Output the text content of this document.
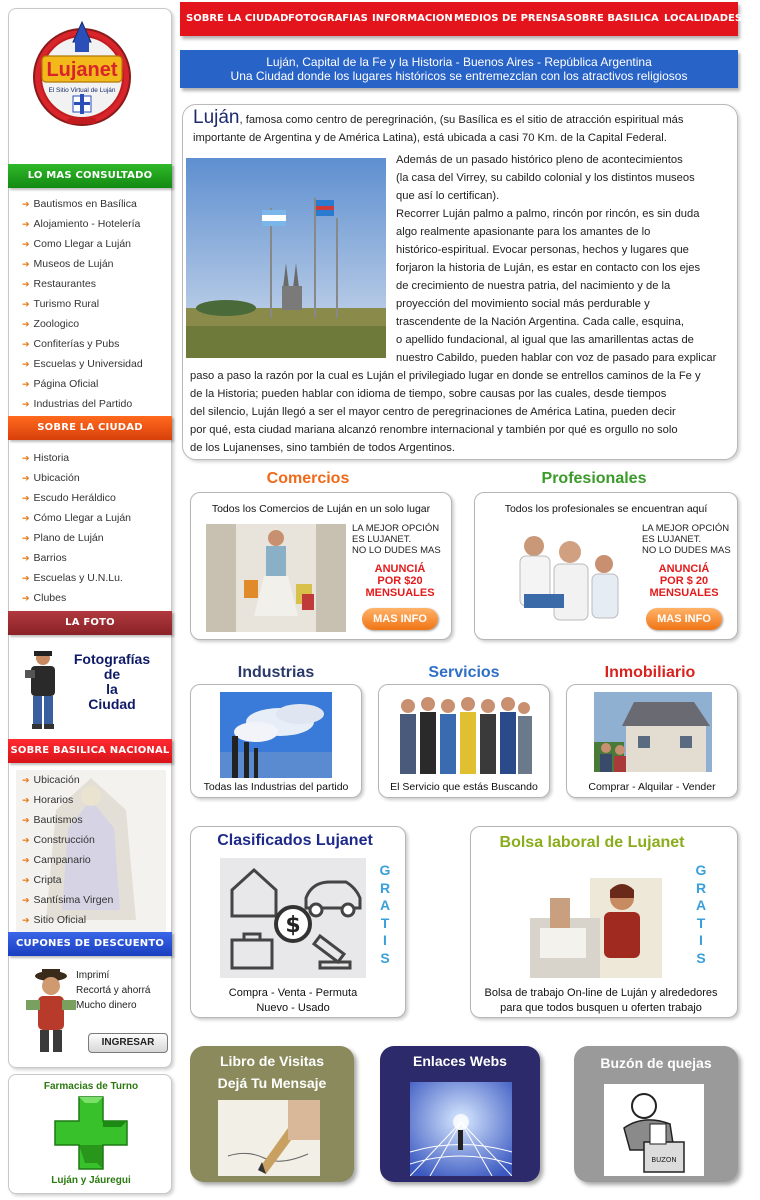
Lujanet
El Sitio Virtual de Luján
LO MAS CONSULTADO
➔ Bautismos en Basílica
➔ Alojamiento - Hotelería
➔ Como Llegar a Luján
➔ Museos de Luján
➔ Restaurantes
➔ Turismo Rural
➔ Zoologico
➔ Confiterías y Pubs
➔ Escuelas y Universidad
➔ Página Oficial
➔ Industrias del Partido
SOBRE LA CIUDAD
➔ Historia
➔ Ubicación
➔ Escudo Heráldico
➔ Cómo Llegar a Luján
➔ Plano de Luján
➔ Barrios
➔ Escuelas y U.N.Lu.
➔ Clubes
LA FOTO
Fotografías
de
la
Ciudad
SOBRE BASILICA NACIONAL
➔ Ubicación
➔ Horarios
➔ Bautismos
➔ Construcción
➔ Campanario
➔ Cripta
➔ Santísima Virgen
➔ Sitio Oficial
CUPONES DE DESCUENTO
Imprimí
Recortá y ahorrá
Mucho dinero
INGRESAR
Farmacias de Turno
Luján y Jáuregui
SOBRE LA CIUDAD FOTOGRAFIAS INFORMACION MEDIOS DE PRENSA SOBRE BASILICA LOCALIDADES
Luján, Capital de la Fe y la Historia - Buenos Aires - República Argentina
Una Ciudad donde los lugares históricos se entremezclan con los atractivos religiosos
Luján, famosa como centro de peregrinación, (su Basílica es el sitio de atracción espiritual más
importante de Argentina y de América Latina), está ubicada a casi 70 Km. de la Capital Federal.
Además de un pasado histórico pleno de acontecimientos
(la casa del Virrey, su cabildo colonial y los distintos museos
que así lo certifican).
Recorrer Luján palmo a palmo, rincón por rincón, es sin duda
algo realmente apasionante para los amantes de lo
histórico-espiritual. Evocar personas, hechos y lugares que
forjaron la historia de Luján, es estar en contacto con los ejes
de crecimiento de nuestra patria, del nacimiento y de la
proyección del movimiento social más perdurable y
trascendente de la Nación Argentina. Cada calle, esquina,
o apellido fundacional, al igual que las amarillentas actas de
nuestro Cabildo, pueden hablar con voz de pasado para explicar
paso a paso la razón por la cual es Luján el privilegiado lugar en donde se entrellos caminos de la Fe y
de la Historia; pueden hablar con idioma de tiempo, sobre causas por las cuales, desde tiempos
del silencio, Luján llegó a ser el mayor centro de peregrinaciones de América Latina, pueden decir
por qué, esta ciudad mariana alcanzó renombre internacional y también por qué es orgullo no solo
de los Lujanenses, sino también de todos Argentinos.
Comercios	Profesionales
Todos los Comercios de Luján en un solo lugar
LA MEJOR OPCIÓN
ES LUJANET.
NO LO DUDES MAS
ANUNCIÁ
POR $20
MENSUALES
MAS INFO
Todos los profesionales se encuentran aquí
LA MEJOR OPCIÓN
ES LUJANET.
NO LO DUDES MAS
ANUNCIÁ
POR $ 20
MENSUALES
MAS INFO
Industrias	Servicios	Inmobiliario
Todas las Industrias del partido	El Servicio que estás Buscando	Comprar - Alquilar - Vender
Clasificados Lujanet
$
G
R
A
T
I
S
Compra - Venta - Permuta
Nuevo - Usado
Bolsa laboral de Lujanet
G
R
A
T
I
S
Bolsa de trabajo On-line de Luján y alrededores
para que todos busquen u oferten trabajo
Libro de Visitas
Dejá Tu Mensaje
Enlaces Webs	Buzón de quejas
BUZON
